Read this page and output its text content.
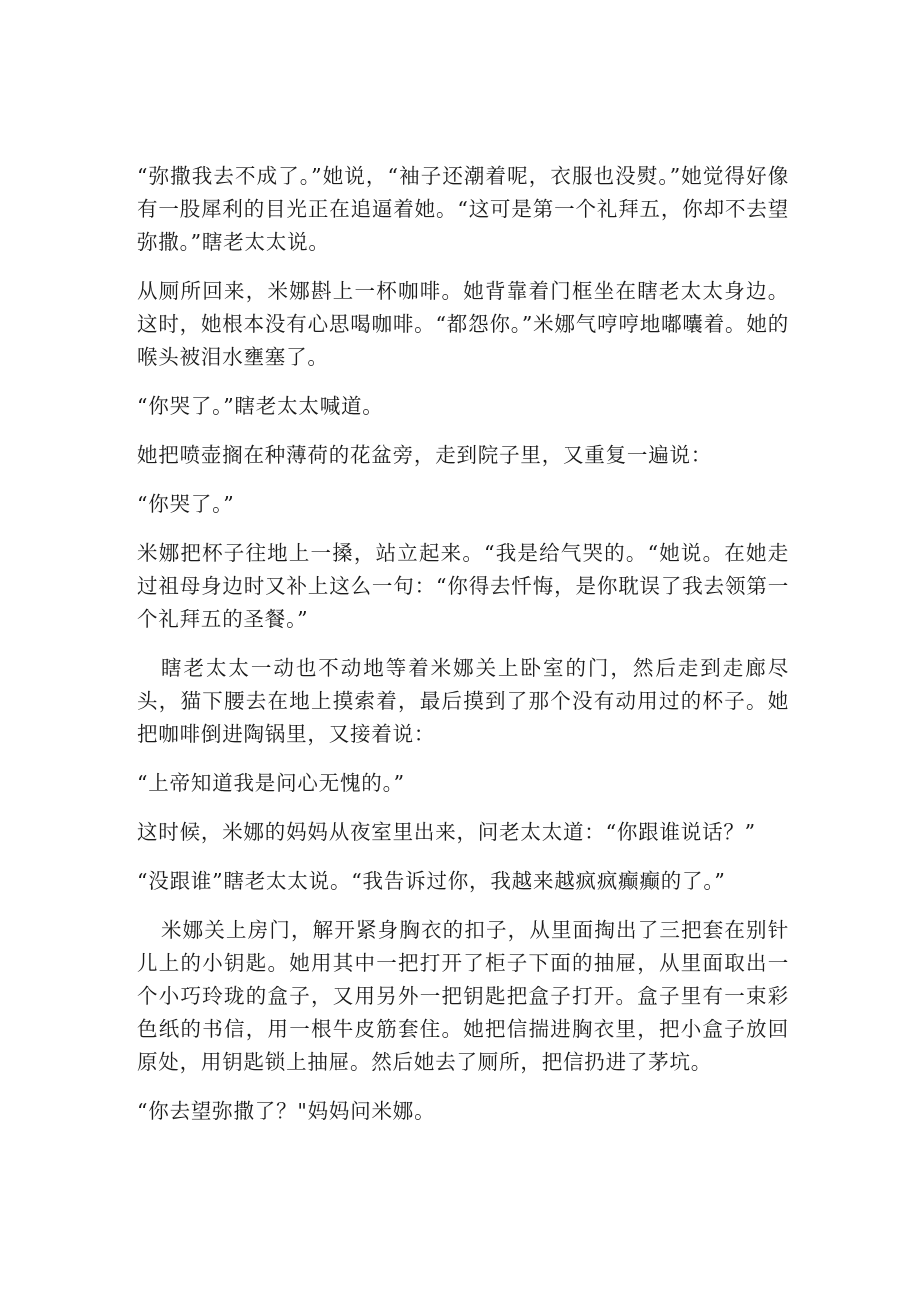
“弥撒我去不成了。”她说，“袖子还潮着呢，衣服也没熨。”她觉得好像有一股犀利的目光正在追逼着她。“这可是第一个礼拜五，你却不去望弥撒。”瞎老太太说。

从厕所回来，米娜斟上一杯咖啡。她背靠着门框坐在瞎老太太身边。这时，她根本没有心思喝咖啡。“都怨你。”米娜气哼哼地嘟囔着。她的喉头被泪水壅塞了。

“你哭了。”瞎老太太喊道。

她把喷壶搁在种薄荷的花盆旁，走到院子里，又重复一遍说：

“你哭了。”

米娜把杯子往地上一搡，站立起来。“我是给气哭的。“她说。在她走过祖母身边时又补上这么一句：“你得去忏悔，是你耽误了我去领第一个礼拜五的圣餐。”

瞎老太太一动也不动地等着米娜关上卧室的门，然后走到走廊尽头，猫下腰去在地上摸索着，最后摸到了那个没有动用过的杯子。她把咖啡倒进陶锅里，又接着说：

“上帝知道我是问心无愧的。”

这时候，米娜的妈妈从夜室里出来，问老太太道：“你跟谁说话？”

“没跟谁”瞎老太太说。“我告诉过你，我越来越疯疯癫癫的了。”

米娜关上房门，解开紧身胸衣的扣子，从里面掏出了三把套在别针儿上的小钥匙。她用其中一把打开了柜子下面的抽屉，从里面取出一个小巧玲珑的盒子，又用另外一把钥匙把盒子打开。盒子里有一束彩色纸的书信，用一根牛皮筋套住。她把信揣进胸衣里，把小盒子放回原处，用钥匙锁上抽屉。然后她去了厕所，把信扔进了茅坑。

“你去望弥撒了？"妈妈问米娜。
